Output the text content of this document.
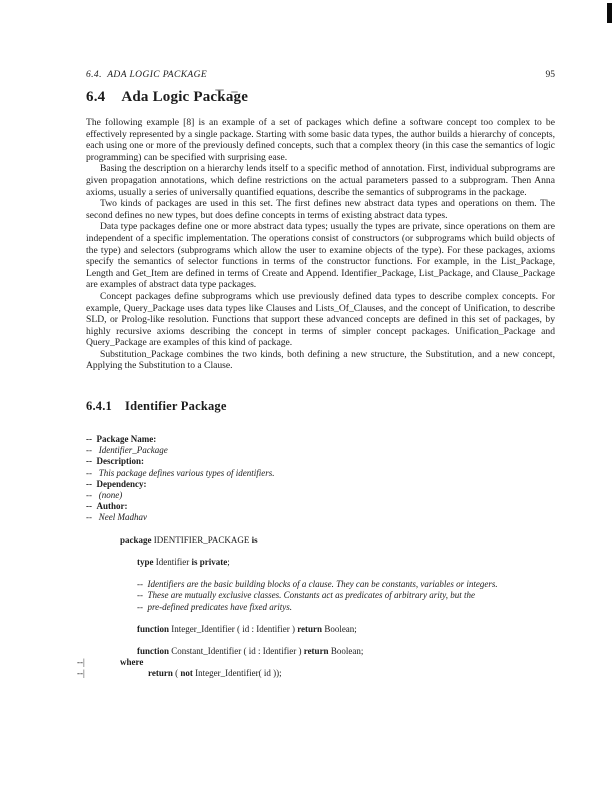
6.4.  ADA LOGIC PACKAGE	95
6.4 Ada Logic Package

The following example [8] is an example of a set of packages which define a software concept too complex to be effectively represented by a single package. Starting with some basic data types, the author builds a hierarchy of concepts, each using one or more of the previously defined concepts, such that a complex theory (in this case the semantics of logic programming) can be specified with surprising ease.

Basing the description on a hierarchy lends itself to a specific method of annotation. First, individual subprograms are given propagation annotations, which define restrictions on the actual parameters passed to a subprogram. Then Anna axioms, usually a series of universally quantified equations, describe the semantics of subprograms in the package.

Two kinds of packages are used in this set. The first defines new abstract data types and operations on them. The second defines no new types, but does define concepts in terms of existing abstract data types.

Data type packages define one or more abstract data types; usually the types are private, since operations on them are independent of a specific implementation. The operations consist of constructors (or subprograms which build objects of the type) and selectors (subprograms which allow the user to examine objects of the type). For these packages, axioms specify the semantics of selector functions in terms of the constructor functions. For example, in the List_Package, Length and Get_Item are defined in terms of Create and Append. Identifier_Package, List_Package, and Clause_Package are examples of abstract data type packages.

Concept packages define subprograms which use previously defined data types to describe complex concepts. For example, Query_Package uses data types like Clauses and Lists_Of_Clauses, and the concept of Unification, to describe SLD, or Prolog-like resolution. Functions that support these advanced concepts are defined in this set of packages, by highly recursive axioms describing the concept in terms of simpler concept packages. Unification_Package and Query_Package are examples of this kind of package.

Substitution_Package combines the two kinds, both defining a new structure, the Substitution, and a new concept, Applying the Substitution to a Clause.

6.4.1 Identifier Package
--  Package Name:
--   Identifier_Package
--  Description:
--   This package defines various types of identifiers.
--  Dependency:
--   (none)
--  Author:
--   Neel Madhav
package IDENTIFIER_PACKAGE is
type Identifier is private;
--  Identifiers are the basic building blocks of a clause. They can be constants, variables or integers.
--  These are mutually exclusive classes. Constants act as predicates of arbitrary arity, but the
--  pre-defined predicates have fixed aritys.
function Integer_Identifier ( id : Identifier ) return Boolean;
function Constant_Identifier ( id : Identifier ) return Boolean;
--|	where
--|	return ( not Integer_Identifier( id ));
